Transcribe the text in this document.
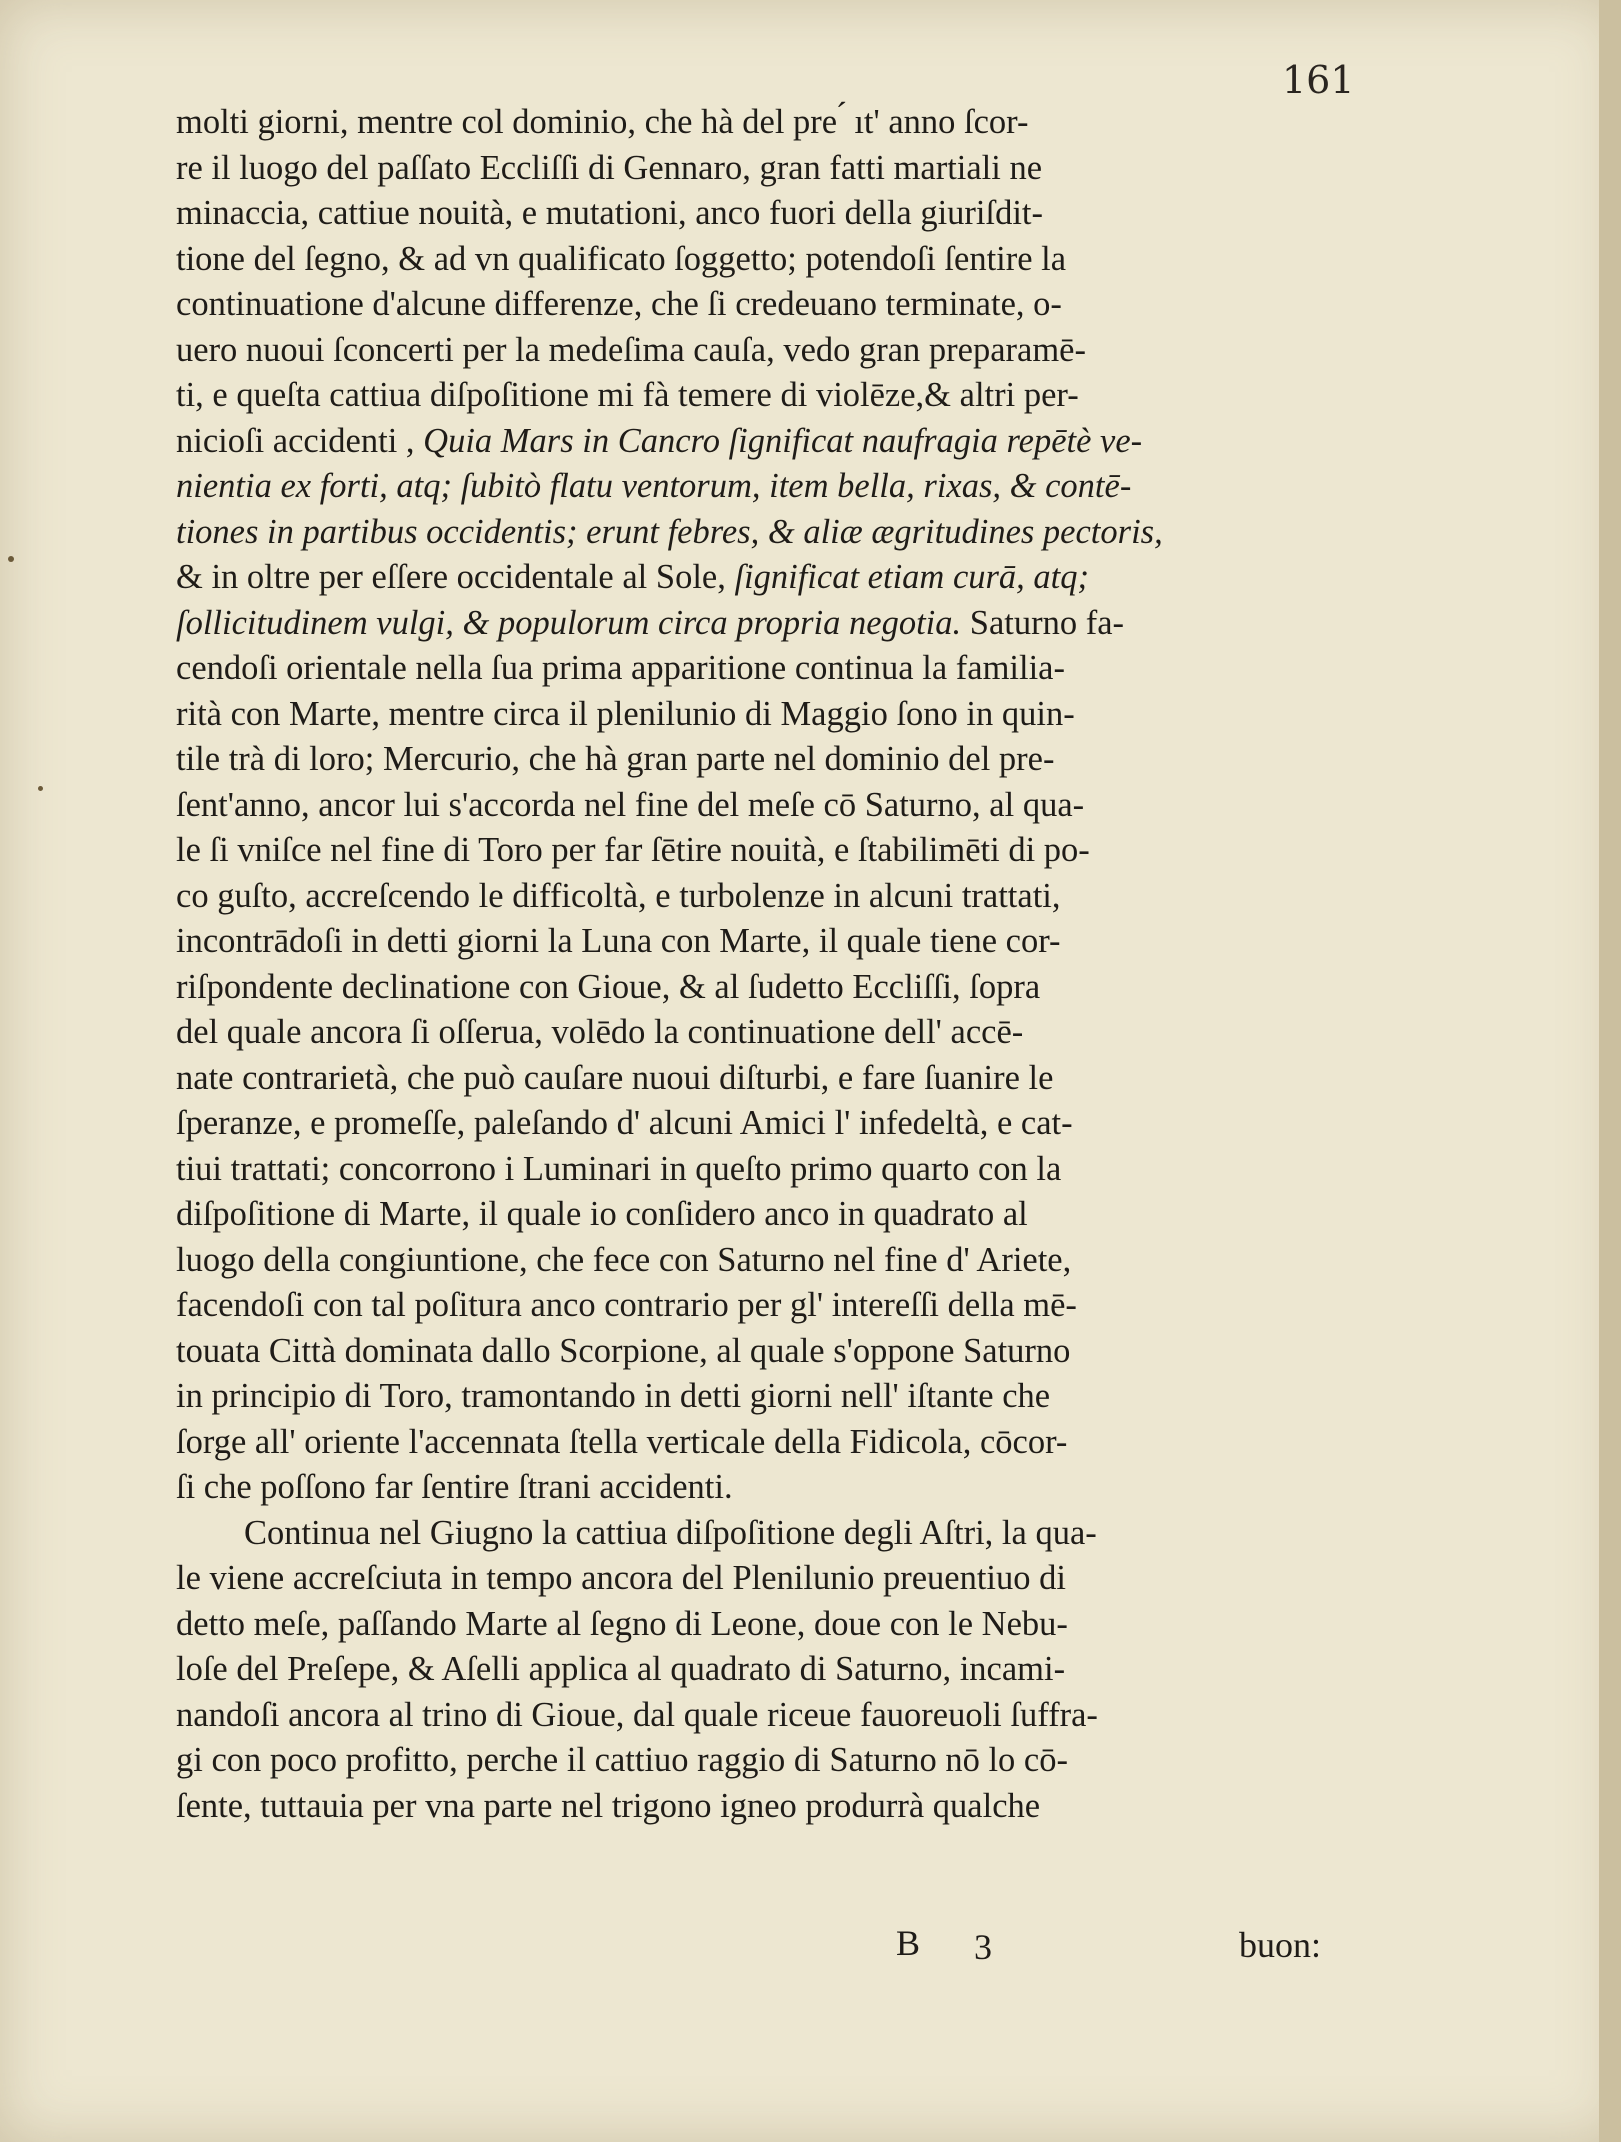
161
molti giorni, mentre col dominio, che hà del pre ́ ıt' anno ſcor-
re il luogo del paſſato Eccliſſi di Gennaro, gran fatti martiali ne
minaccia, cattiue nouità, e mutationi, anco fuori della giuriſdit-
tione del ſegno, & ad vn qualificato ſoggetto; potendoſi ſentire la
continuatione d'alcune differenze, che ſi credeuano terminate, o-
uero nuoui ſconcerti per la medeſima cauſa, vedo gran preparamē-
ti, e queſta cattiua diſpoſitione mi fà temere di violēze,& altri per-
nicioſi accidenti , Quia Mars in Cancro ſignificat naufragia repētè ve-
nientia ex forti, atq; ſubitò flatu ventorum, item bella, rixas, & contē-
tiones in partibus occidentis; erunt febres, & aliæ ægritudines pectoris,
& in oltre per eſſere occidentale al Sole, ſignificat etiam curā, atq;
ſollicitudinem vulgi, & populorum circa propria negotia. Saturno fa-
cendoſi orientale nella ſua prima apparitione continua la familia-
rità con Marte, mentre circa il plenilunio di Maggio ſono in quin-
tile trà di loro; Mercurio, che hà gran parte nel dominio del pre-
ſent'anno, ancor lui s'accorda nel fine del meſe cō Saturno, al qua-
le ſi vniſce nel fine di Toro per far ſētire nouità, e ſtabilimēti di po-
co guſto, accreſcendo le difficoltà, e turbolenze in alcuni trattati,
incontrādoſi in detti giorni la Luna con Marte, il quale tiene cor-
riſpondente declinatione con Gioue, & al ſudetto Eccliſſi, ſopra
del quale ancora ſi oſſerua, volēdo la continuatione dell' accē-
nate contrarietà, che può cauſare nuoui diſturbi, e fare ſuanire le
ſperanze, e promeſſe, paleſando d' alcuni Amici l' infedeltà, e cat-
tiui trattati; concorrono i Luminari in queſto primo quarto con la
diſpoſitione di Marte, il quale io conſidero anco in quadrato al
luogo della congiuntione, che fece con Saturno nel fine d' Ariete,
facendoſi con tal poſitura anco contrario per gl' intereſſi della mē-
touata Città dominata dallo Scorpione, al quale s'oppone Saturno
in principio di Toro, tramontando in detti giorni nell' iſtante che
ſorge all' oriente l'accennata ſtella verticale della Fidicola, cōcor-
ſi che poſſono far ſentire ſtrani accidenti.
Continua nel Giugno la cattiua diſpoſitione degli Aſtri, la qua-
le viene accreſciuta in tempo ancora del Plenilunio preuentiuo di
detto meſe, paſſando Marte al ſegno di Leone, doue con le Nebu-
loſe del Preſepe, & Aſelli applica al quadrato di Saturno, incami-
nandoſi ancora al trino di Gioue, dal quale riceue fauoreuoli ſuffra-
gi con poco profitto, perche il cattiuo raggio di Saturno nō lo cō-
ſente, tuttauia per vna parte nel trigono igneo produrrà qualche
B 3	buon:
